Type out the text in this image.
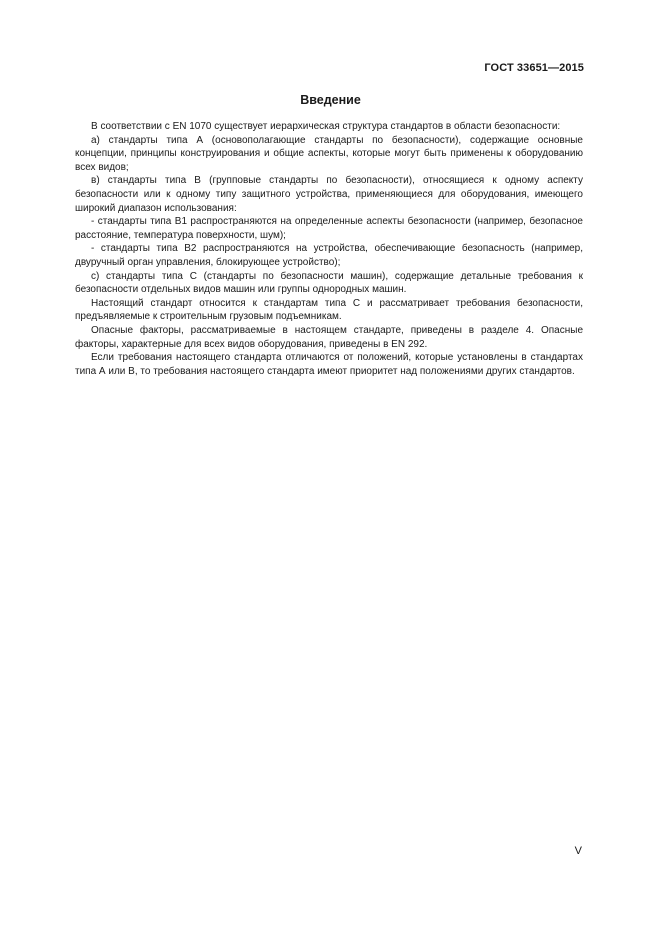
ГОСТ 33651—2015
Введение

В соответствии с EN 1070 существует иерархическая структура стандартов в области безопасности:

а) стандарты типа А (основополагающие стандарты по безопасности), содержащие основные концепции, принципы конструирования и общие аспекты, которые могут быть применены к оборудованию всех видов;

в) стандарты типа В (групповые стандарты по безопасности), относящиеся к одному аспекту безопасности или к одному типу защитного устройства, применяющиеся для оборудования, имеющего широкий диапазон использования:

- стандарты типа В1 распространяются на определенные аспекты безопасности (например, безопасное расстояние, температура поверхности, шум);

- стандарты типа В2 распространяются на устройства, обеспечивающие безопасность (например, двуручный орган управления, блокирующее устройство);

с) стандарты типа С (стандарты по безопасности машин), содержащие детальные требования к безопасности отдельных видов машин или группы однородных машин.

Настоящий стандарт относится к стандартам типа С и рассматривает требования безопасности, предъявляемые к строительным грузовым подъемникам.

Опасные факторы, рассматриваемые в настоящем стандарте, приведены в разделе 4. Опасные факторы, характерные для всех видов оборудования, приведены в EN 292.

Если требования настоящего стандарта отличаются от положений, которые установлены в стандартах типа А или В, то требования настоящего стандарта имеют приоритет над положениями других стандартов.

V
